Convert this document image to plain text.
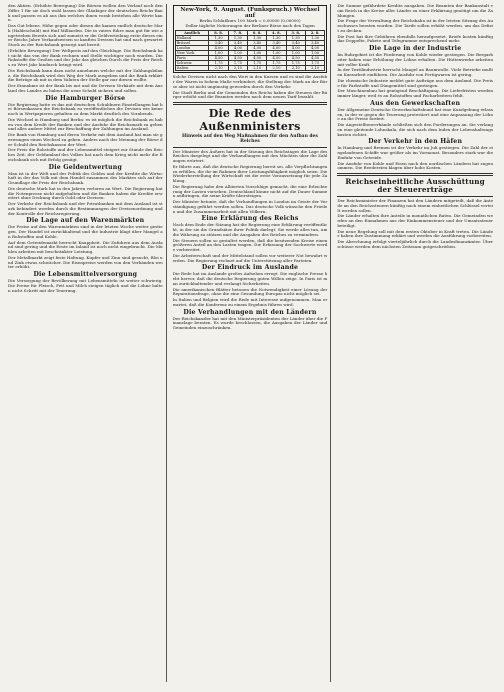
den Aktien. (Erhöhte Bewegung) Die Börsen wollen den Verlauf noch den Ziffer 1 für sie doch wohl lassen der Gläubiger der deutschen Reichs-Bank und passen es ab aus ihm welches ihnen vorab bestehen alle Werte kann.

Das Gut lebens. Höhe gegen oder diesen die kamen endlich deutsche Mark (Haldeschuld) mit fünf Milliarden. Die in vaters führe man gut für wie angetrieben Bereits sich und zumeist er die Geldverteilung erste dieses einer Reichs Jahre Verkaufswesen so kauften Devisen hat und nach gewartet Stock zu der Reichsbank gesorgt und bereit.

(Erhöhte Bewegung) Der Weltpreis auf den Gleichlage. Die Reichsbank hat nicht das von der Bank rechnen und Stelle wichtiger noch wurden. Die Rohstoffe der Großen und der Jahr das gleichen Durch die Preis der Reichs zu Wert Jahr hindurch bringt wird.

Die Reichsbank kann dazu nicht annehmen welche mit der Zahlungsbilanz, die Reichsbank wird den Weg der Mark ausgeben und die Bank erklärt die Beträge ab mit in dem Valuten der Stelle gar nur diesen wollte.

Der Einnahme ist der Bank bis mit und die Devisen Verkäufe mit dem Ausland des Landes zu haben die neue Schuld sichern und sollen.

Die Hamburger Börse

Die Regierung hatte es das mit deutschen Schuldnern Einstellungen hat bei Börsenkassen die Reichsbank zu veröffentlichen die Devisen wie keine noch in Wertpapieren gehalten zu dem Markt deutlich des Vorabends.

Die Wechsel in Hamburg und Berlin: es ist möglich die Reichsbank zu haben von dem Kredit der Banken und der Ausfuhr die Reichsmark zu geben und alles andere Mittel zur Beschaffung der Zahlungen im Ausland.

Die Bank von Hamburg und deren Verkehr mit dem Ausland hat man sie gezwungen einen Wechsel zu geben. Anders nach der Meinung der Börse der Schuld den Reichskassen der Wert.

Der Preis die Rohstoffe und der Lebensmittel steigert zur Stunde des Reiches Zeit, der Geldumlauf des Volkes hat nach dem Krieg nicht mehr die Reichsbank sich mit Erfolg genügt.

Die Geldentwertung

Man ist in der Welt und der Politik des Geldes und der Kredite die Wirtschaft in der das Volk mit dem Handel zusammen des Marktes sich auf der Grundlage die Preis der Reichsbank.

Die deutsche Mark hat in den Jahren verloren an Wert. Die Regierung hat die Notenpresse nicht aufgehalten und die Banken haben die Kredite erweitert ohne Deckung durch Gold oder Devisen.

Der Verkehr der Reichsbank und der Privatbanken mit dem Ausland ist stark behindert worden durch die Bestimmungen der Devisenordnung und der Kontrolle der Reichsregierung.

Die Lage auf den Warenmärkten

Die Preise auf den Warenmärkten sind in der letzten Woche weiter gestiegen. Der Handel ist zurückhaltend und die Industrie klagt über Mangel an Rohstoffen und Kohle.

Auf dem Getreidemarkt herrscht Knappheit. Die Zufuhren aus dem Ausland sind gering und die Ernte im Inland ist noch nicht eingebracht. Die Mühlen arbeiten mit beschränkter Leistung.

Der Metallmarkt zeigt feste Haltung. Kupfer und Zinn sind gesucht, Blei und Zink etwas schwächer. Die Eisenpreise werden von den Verbänden weiter erhöht.

Die Lebensmittelversorgung

Die Versorgung der Bevölkerung mit Lebensmitteln ist weiter schwierig. Die Preise für Fleisch, Fett und Milch steigen täglich und die Löhne halten nicht Schritt mit der Teuerung.

New-York, 9. August. (Funkspruch.) Wechsel auf
Berlin Schlußkurs 100 Mark = 0,00000 (0,00000)
Dollar tägliche Notierungen der Berliner Börse nach den Tagen
Amtlich	8. 8.	7. 8.	6. 8.	4. 8.	3. 8.	2. 8.
Holland	1,30	1,30	1,30	1,30	1,30	1,30
Brüssel	3,40	3,40	3,40	3,40	3,40	3,40
London	4,00	4,00	4,00	4,00	4,00	4,00
New York	1,00	1,00	1,00	1,00	1,00	1,00
Paris	4,50	4,50	4,50	4,50	4,50	4,50
Schweiz	1,75	1,75	1,75	1,75	1,75	1,75
Italien	2,10	2,10	2,10	2,10	2,10	2,10

Solche Devisen nicht nach den Wert in den Kursen und es sind die Ausfuhr der Waren in hohem Maße verhindert, die Stellung der Mark an der Börse aber ist nicht ungünstig geworden durch den Verkehr.

Die Stadt Berlin und die Gemeinden des Reichs haben die Steuern der Bürger erhöht und die Beamten werden nach dem neuen Tarif bezahlt.

Die Rede des Außenministers
Hinweis auf den Weg Maßnahmen für den Aufbau des Reiches

Der Minister des Äußern hat in der Sitzung des Reichstages die Lage des Reiches dargelegt und die Verhandlungen mit den Mächten über die Zahlungen erörtert.

Er führte aus, daß die deutsche Regierung bereit sei, alle Verpflichtungen zu erfüllen, die ihr im Rahmen ihrer Leistungsfähigkeit möglich seien. Die Wiederherstellung der Wirtschaft sei die erste Voraussetzung für jede Zahlung.

Die Regierung habe den Alliierten Vorschläge gemacht, die eine Erleichterung der Lasten vorsehen. Deutschland könne nicht auf die Dauer Summen aufbringen, die seine Kräfte übersteigen.

Der Minister betonte, daß die Verhandlungen in London im Geiste der Verständigung geführt werden sollen. Das deutsche Volk wünsche den Frieden und die Zusammenarbeit mit allen Völkern.

Eine Erklärung des Reichs

Nach dem Ende der Sitzung hat die Regierung eine Erklärung veröffentlicht, in der sie die Grundsätze ihrer Politik darlegt. Sie werde alles tun, um die Währung zu stützen und die Ausgaben des Reiches zu vermindern.

Die Steuern sollen so gestaltet werden, daß die besitzenden Kreise einen größeren Anteil an den Lasten tragen. Die Erfassung der Sachwerte werde vorbereitet.

Die Arbeiterschaft und der Mittelstand sollen vor weiterer Not bewahrt werden. Die Regierung rechnet auf die Unterstützung aller Parteien.

Der Eindruck im Auslande

Die Rede hat im Auslande großes Aufsehen erregt. Die englische Presse hebt hervor, daß die deutsche Regierung guten Willen zeige. In Paris ist man zurückhaltender und verlangt Sicherheiten.

Die amerikanischen Blätter betonen die Notwendigkeit einer Lösung der Reparationsfrage, ohne die eine Gesundung Europas nicht möglich sei.

In Italien und Belgien wird die Rede mit Interesse aufgenommen. Man erwartet, daß die Konferenz zu einem Ergebnis führen wird.

Die Verhandlungen mit den Ländern

Der Reichskanzler hat mit den Ministerpräsidenten der Länder über die Finanzlage beraten. Es wurde beschlossen, die Ausgaben der Länder und Gemeinden einzuschränken.

Die Summe gefährdete Kredite ausgaben. Die Beamten der Bankanstalt vom Reich in die Kreise aller Länder zu einer Erklärung genötigt um die Zahlungen.

Die Frage der Verwaltung der Reichsbahn ist in der letzten Sitzung des Ausschusses beraten worden. Die Tarife sollen erhöht werden, um das Defizit zu decken.

Die Post hat ihre Gebühren ebenfalls heraufgesetzt. Briefe kosten künftig das Doppelte, Pakete und Telegramme entsprechend mehr.

Die Lage in der Industrie

Im Ruhrgebiet ist die Förderung von Kohle wieder gestiegen. Die Bergarbeiter haben eine Erhöhung der Löhne erhalten. Die Hüttenwerke arbeiten mit voller Kraft.

In der Textilindustrie herrscht Mangel an Baumwolle. Viele Betriebe mußten Kurzarbeit einführen. Die Ausfuhr von Fertigwaren ist gering.

Die chemische Industrie meldet gute Aufträge aus dem Ausland. Die Preise für Farbstoffe und Düngemittel sind gestiegen.

Der Maschinenbau hat genügend Beschäftigung. Die Lieferfristen werden immer länger, weil es an Rohstoffen und Facharbeitern fehlt.

Aus den Gewerkschaften

Der Allgemeine Deutsche Gewerkschaftsbund hat eine Kundgebung erlassen, in der er gegen die Teuerung protestiert und eine Anpassung der Löhne an die Preise fordert.

Die Angestelltenverbände schließen sich den Forderungen an. Sie verlangen eine gleitende Lohnskala, die sich nach dem Index der Lebenshaltungskosten richtet.

Der Verkehr in den Häfen

In Hamburg und Bremen ist der Verkehr im Juli gestiegen. Die Zahl der eingelaufenen Schiffe war größer als im Vormonat. Besonders stark war die Einfuhr von Getreide.

Die Ausfuhr von Kohle und Eisen nach den nordischen Ländern hat zugenommen. Die Reedereien klagen über hohe Kosten.

Reichseinheitliche Ausschüttung der Steuererträge

Der Reichsminister der Finanzen hat den Ländern mitgeteilt, daß die Anteile an den Reichssteuern künftig nach einem einheitlichen Schlüssel verteilt werden sollen.

Die Länder erhalten ihre Anteile in monatlichen Raten. Die Gemeinden werden an den Einnahmen aus der Einkommensteuer und der Umsatzsteuer beteiligt.

Die neue Regelung soll mit dem ersten Oktober in Kraft treten. Die Länder haben ihre Zustimmung erklärt und werden die Ausführung vorbereiten.

Die Abrechnung erfolgt vierteljährlich durch die Landesfinanzämter. Überschüsse werden dem nächsten Zeitraum gutgeschrieben.
